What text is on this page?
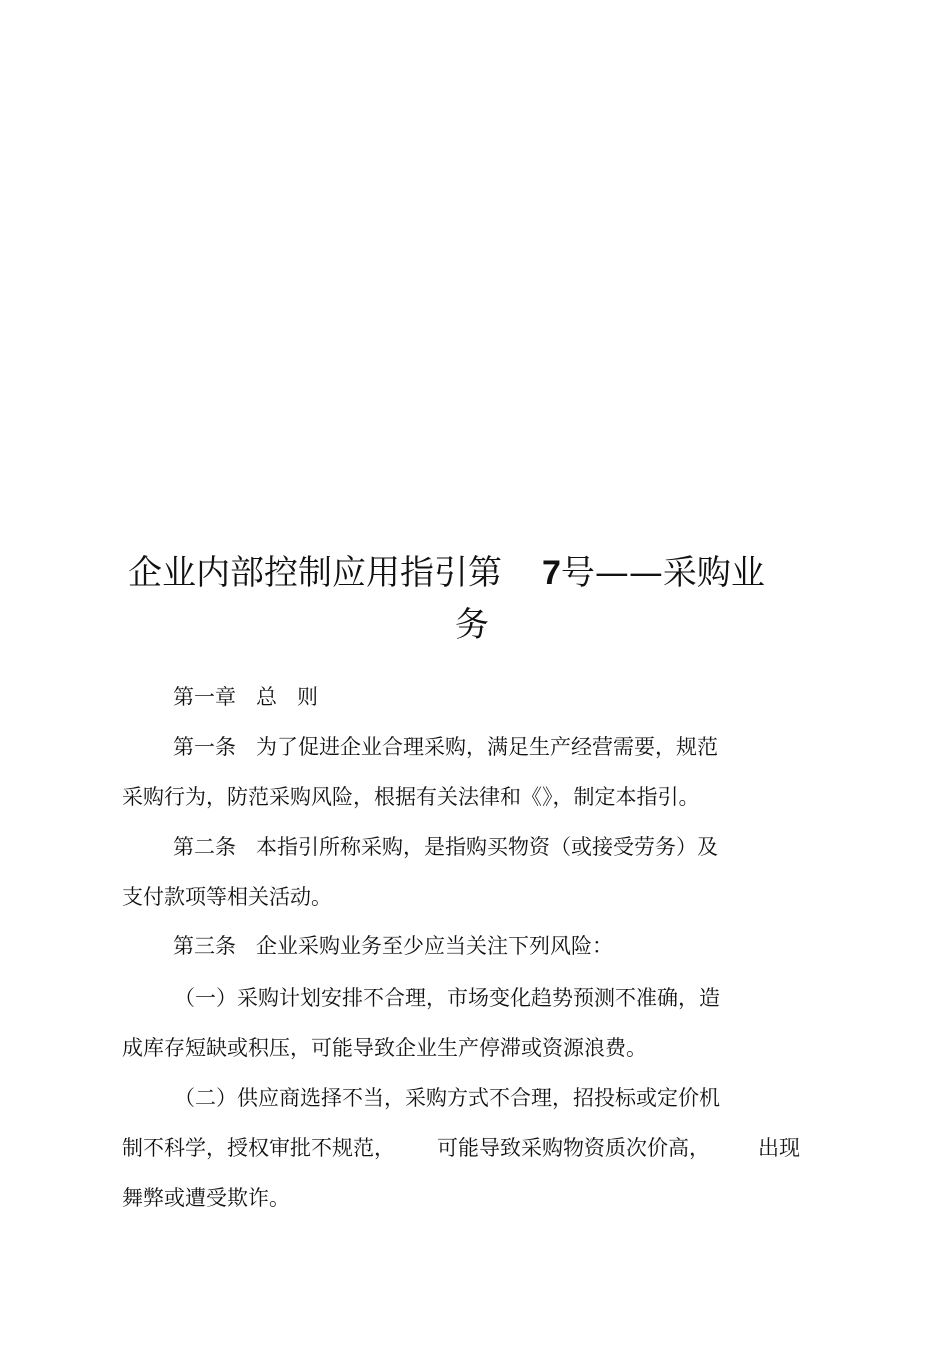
企业内部控制应用指引第 7号——采购业
务
第一章 总 则
第一条 为了促进企业合理采购，满足生产经营需要，规范
采购行为，防范采购风险，根据有关法律和《》，制定本指引。
第二条 本指引所称采购，是指购买物资（或接受劳务）及
支付款项等相关活动。
第三条 企业采购业务至少应当关注下列风险：
（一）采购计划安排不合理，市场变化趋势预测不准确，造
成库存短缺或积压，可能导致企业生产停滞或资源浪费。
（二）供应商选择不当，采购方式不合理，招投标或定价机
制不科学，授权审批不规范， 可能导致采购物资质次价高， 出现
舞弊或遭受欺诈。
